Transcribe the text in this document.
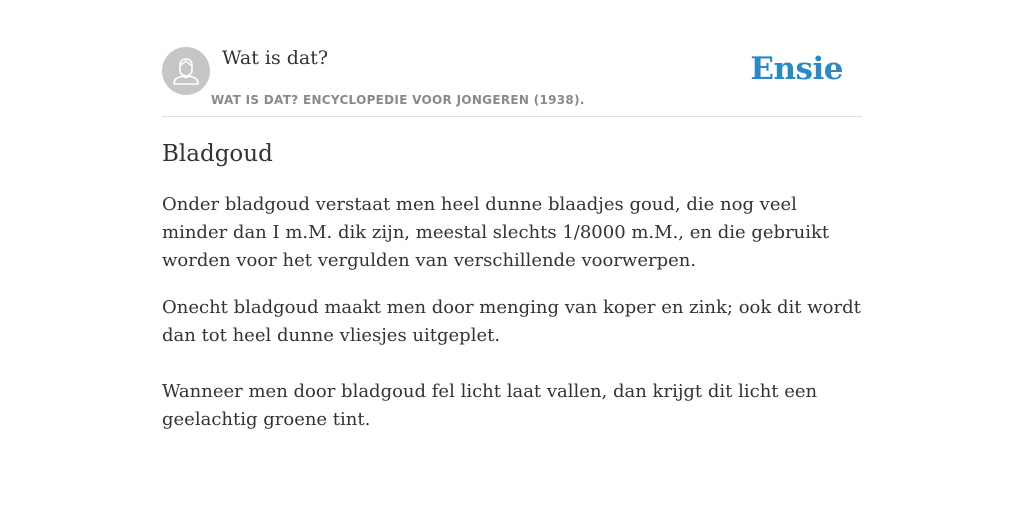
Wat is dat?
WAT IS DAT? ENCYCLOPEDIE VOOR JONGEREN (1938).
Ensie
Bladgoud

Onder bladgoud verstaat men heel dunne blaadjes goud, die nog veel minder dan I m.M. dik zijn, meestal slechts 1/8000 m.M., en die gebruikt worden voor het vergulden van verschillende voorwerpen.

Onecht bladgoud maakt men door menging van koper en zink; ook dit wordt dan tot heel dunne vliesjes uitgeplet.

Wanneer men door bladgoud fel licht laat vallen, dan krijgt dit licht een geelachtig groene tint.
